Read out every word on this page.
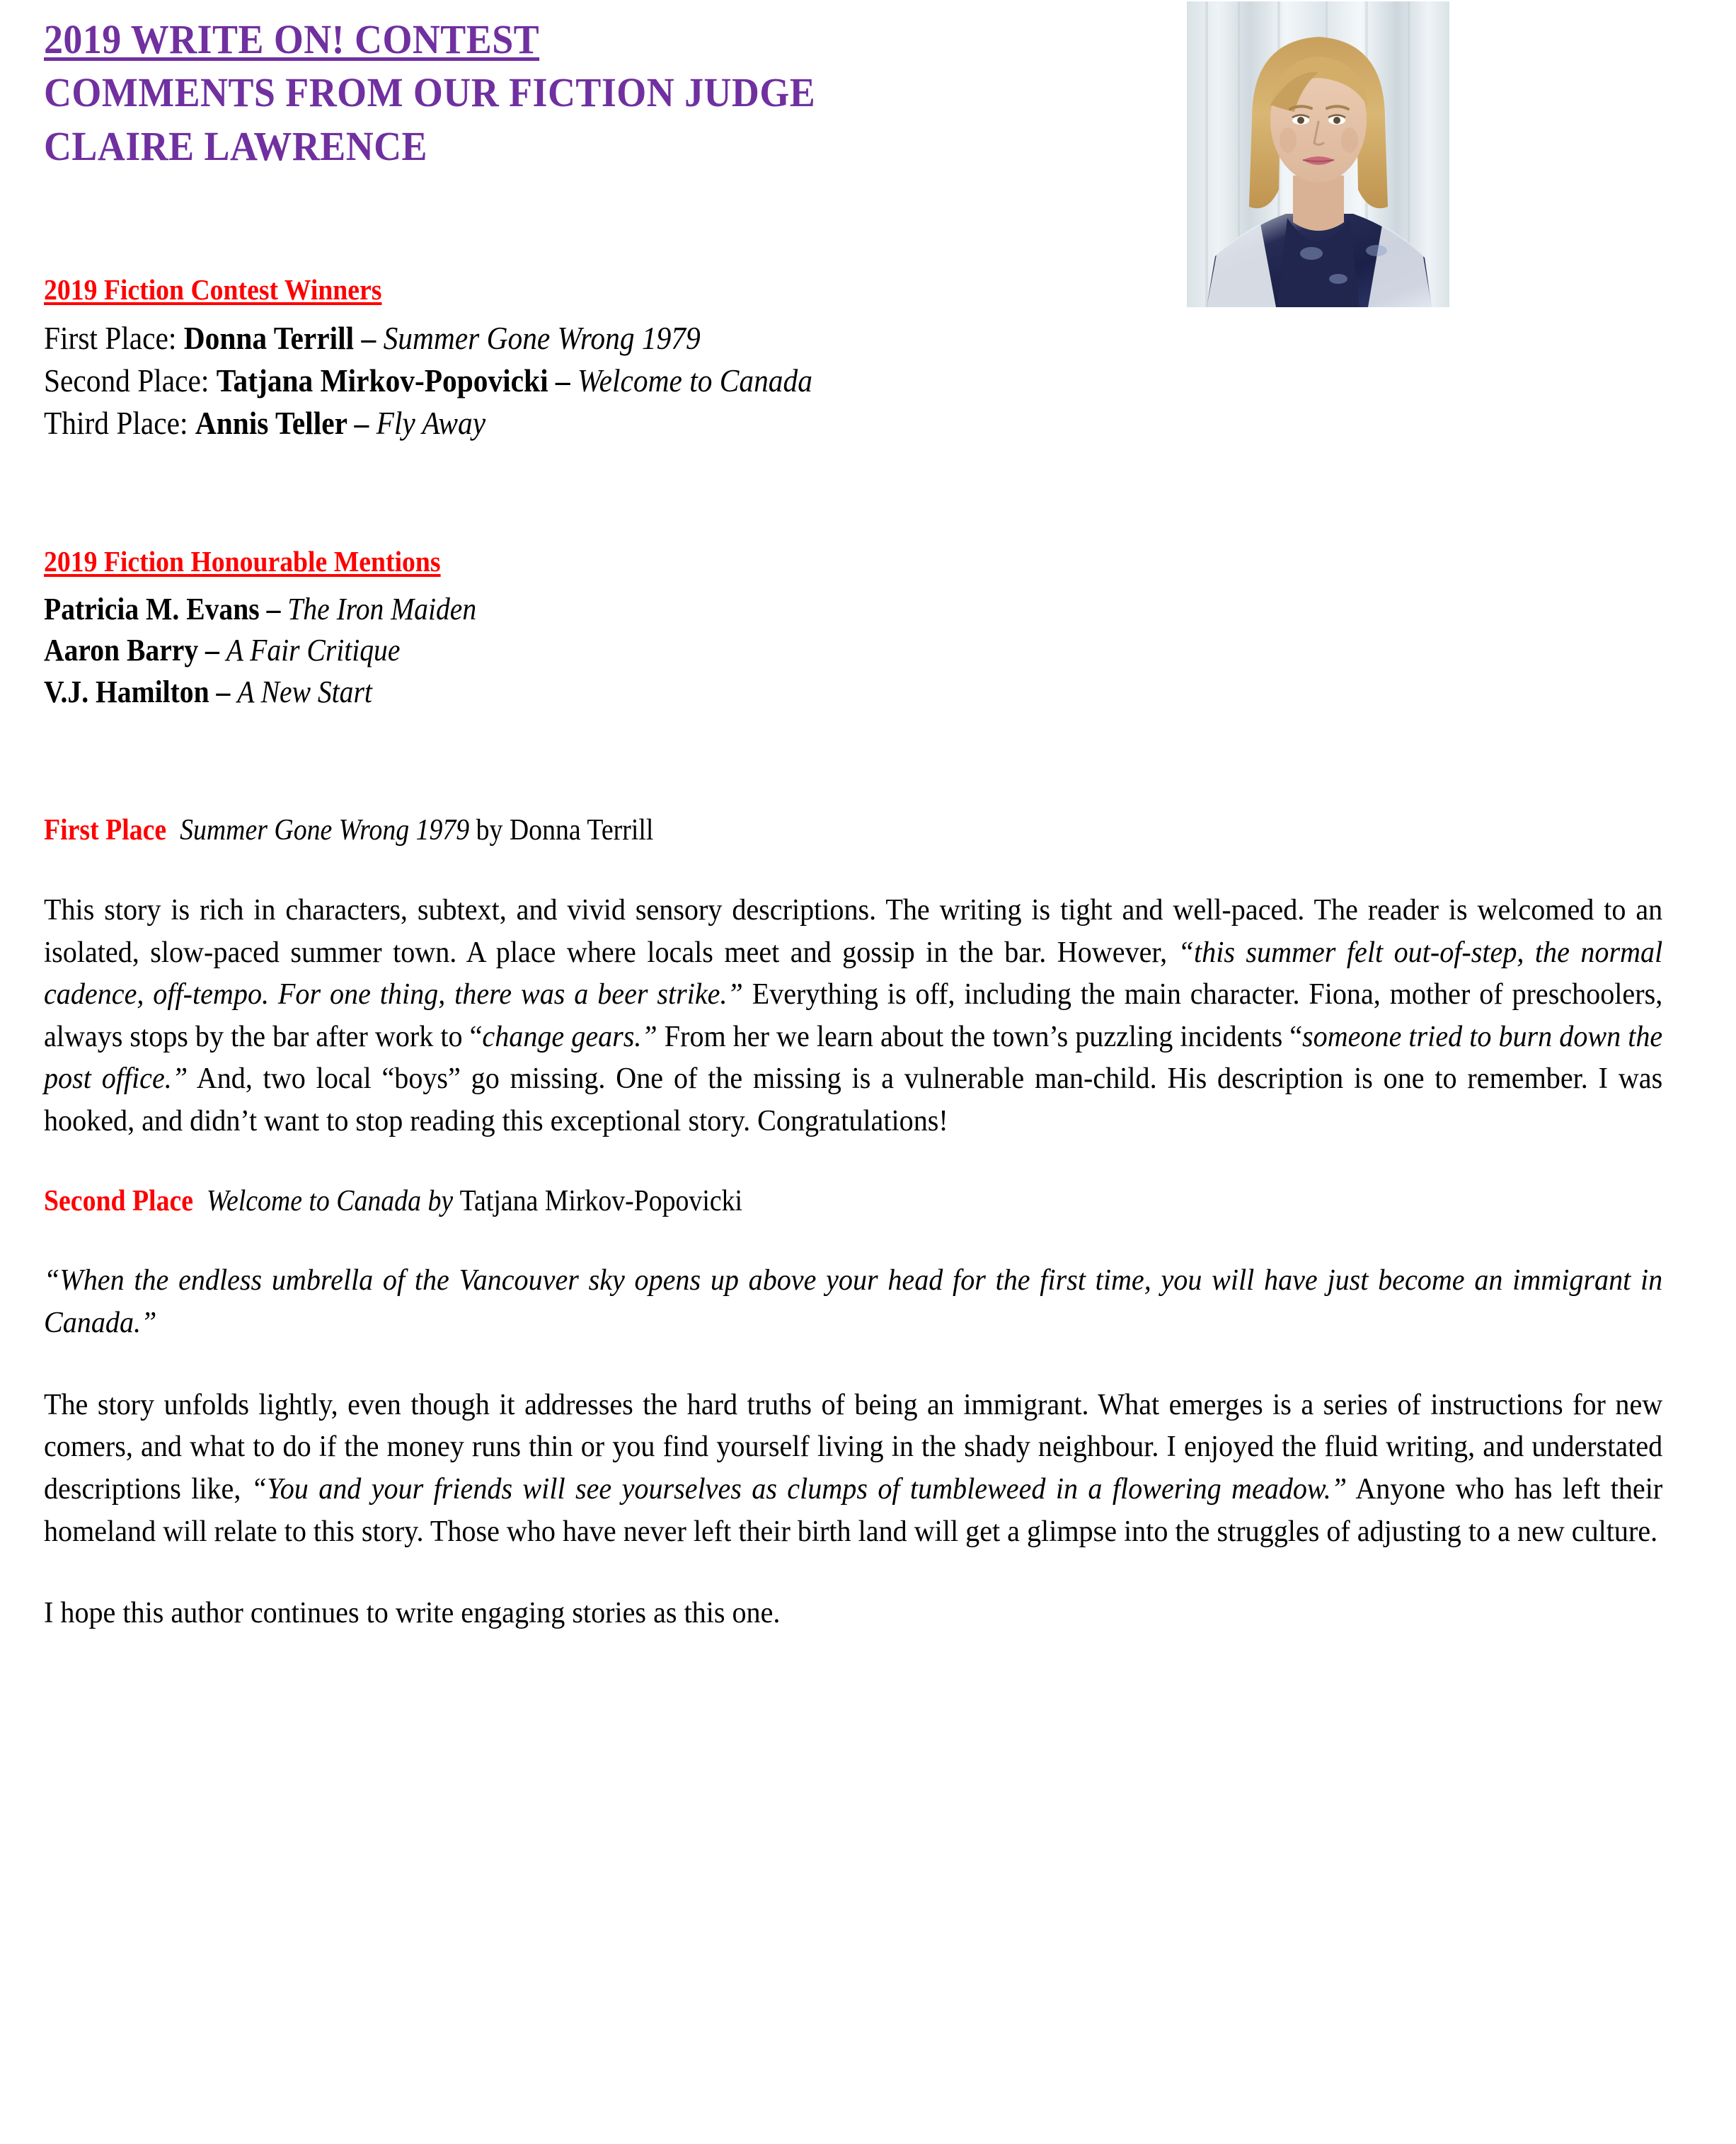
2019 WRITE ON! CONTEST
COMMENTS FROM OUR FICTION JUDGE
CLAIRE LAWRENCE
2019 Fiction Contest Winners
First Place: Donna Terrill – Summer Gone Wrong 1979
Second Place: Tatjana Mirkov-Popovicki – Welcome to Canada
Third Place: Annis Teller – Fly Away
2019 Fiction Honourable Mentions
Patricia M. Evans – The Iron Maiden
Aaron Barry – A Fair Critique
V.J. Hamilton – A New Start
First Place Summer Gone Wrong 1979 by Donna Terrill

This story is rich in characters, subtext, and vivid sensory descriptions. The writing is tight and well-paced. The reader is welcomed to an isolated, slow-paced summer town. A place where locals meet and gossip in the bar. However, “this summer felt out-of-step, the normal cadence, off-tempo. For one thing, there was a beer strike.” Everything is off, including the main character. Fiona, mother of preschoolers, always stops by the bar after work to “change gears.” From her we learn about the town’s puzzling incidents “someone tried to burn down the post office.” And, two local “boys” go missing. One of the missing is a vulnerable man-child. His description is one to remember. I was hooked, and didn’t want to stop reading this exceptional story. Congratulations!

Second Place Welcome to Canada by Tatjana Mirkov-Popovicki

“When the endless umbrella of the Vancouver sky opens up above your head for the first time, you will have just become an immigrant in Canada.”

The story unfolds lightly, even though it addresses the hard truths of being an immigrant. What emerges is a series of instructions for new comers, and what to do if the money runs thin or you find yourself living in the shady neighbour. I enjoyed the fluid writing, and understated descriptions like, “You and your friends will see yourselves as clumps of tumbleweed in a flowering meadow.” Anyone who has left their homeland will relate to this story. Those who have never left their birth land will get a glimpse into the struggles of adjusting to a new culture.

I hope this author continues to write engaging stories as this one.
